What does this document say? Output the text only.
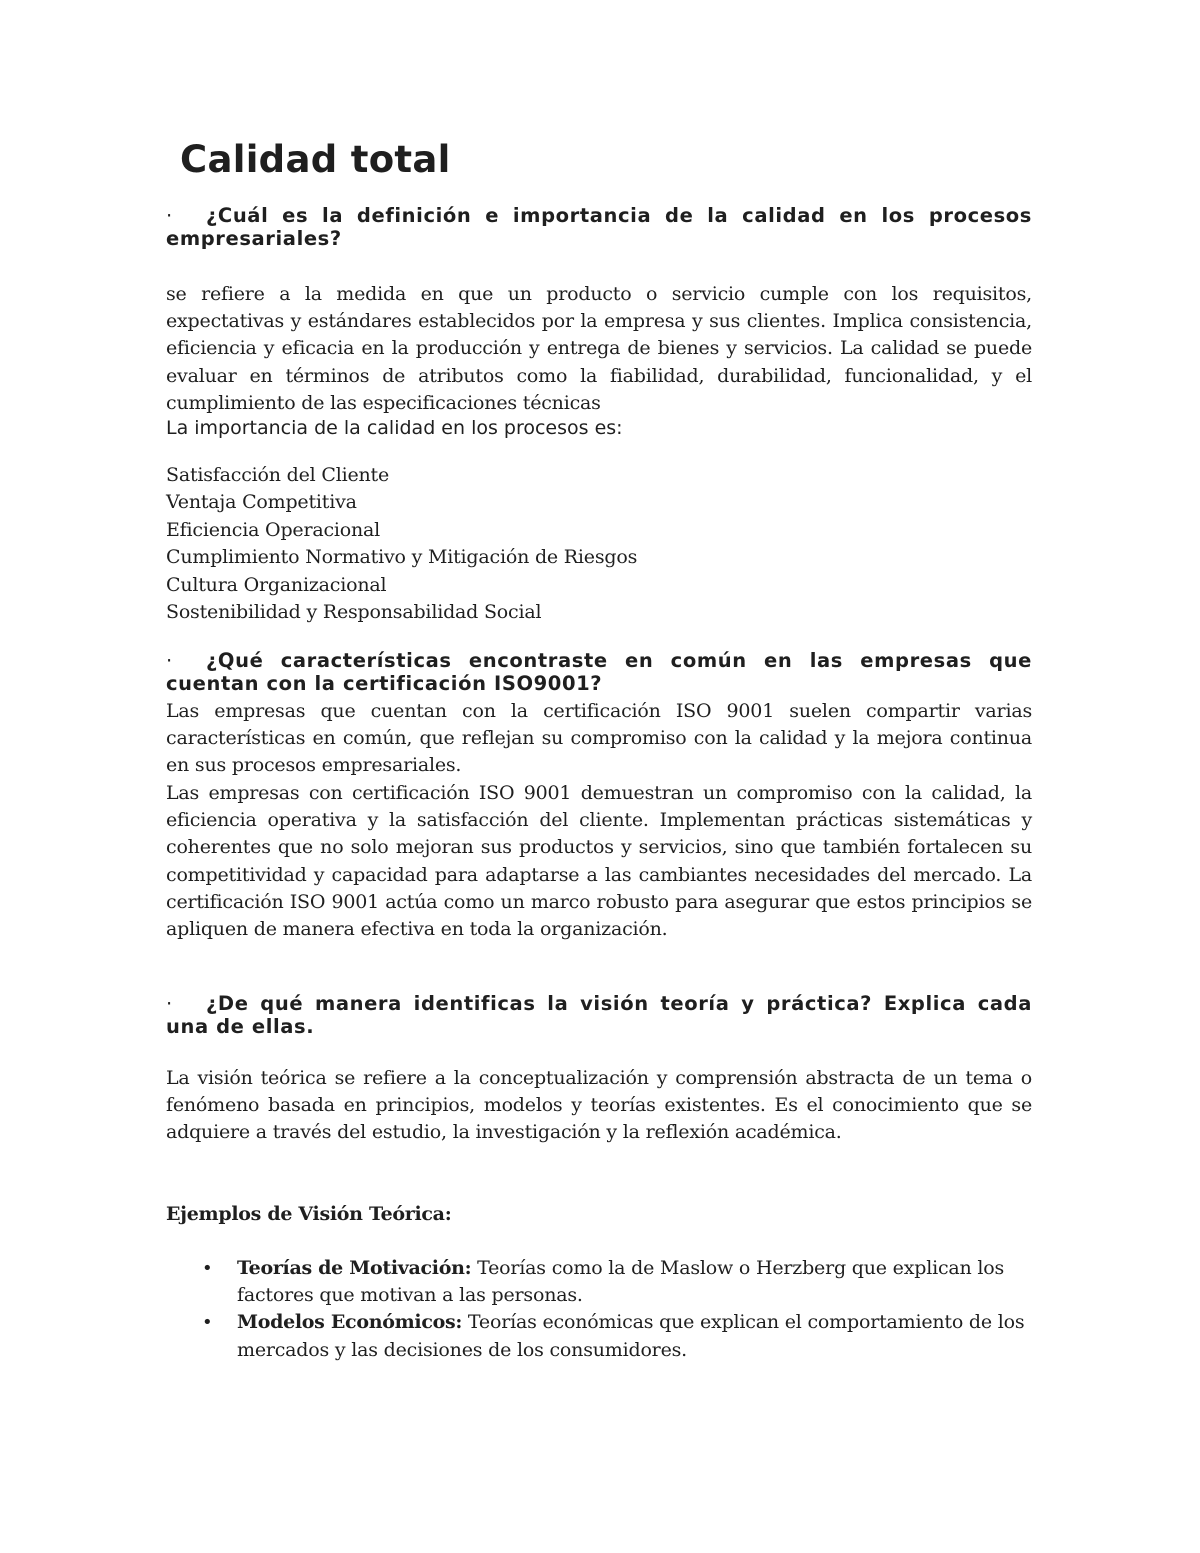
Calidad total

· ¿Cuál es la definición e importancia de la calidad en los procesos empresariales?

se refiere a la medida en que un producto o servicio cumple con los requisitos, expectativas y estándares establecidos por la empresa y sus clientes. Implica consistencia, eficiencia y eficacia en la producción y entrega de bienes y servicios. La calidad se puede evaluar en términos de atributos como la fiabilidad, durabilidad, funcionalidad, y el cumplimiento de las especificaciones técnicas

La importancia de la calidad en los procesos es:

Satisfacción del Cliente
Ventaja Competitiva
Eficiencia Operacional
Cumplimiento Normativo y Mitigación de Riesgos
Cultura Organizacional
Sostenibilidad y Responsabilidad Social

· ¿Qué características encontraste en común en las empresas que cuentan con la certificación ISO9001?

Las empresas que cuentan con la certificación ISO 9001 suelen compartir varias características en común, que reflejan su compromiso con la calidad y la mejora continua en sus procesos empresariales.

Las empresas con certificación ISO 9001 demuestran un compromiso con la calidad, la eficiencia operativa y la satisfacción del cliente. Implementan prácticas sistemáticas y coherentes que no solo mejoran sus productos y servicios, sino que también fortalecen su competitividad y capacidad para adaptarse a las cambiantes necesidades del mercado. La certificación ISO 9001 actúa como un marco robusto para asegurar que estos principios se apliquen de manera efectiva en toda la organización.

· ¿De qué manera identificas la visión teoría y práctica? Explica cada una de ellas.

La visión teórica se refiere a la conceptualización y comprensión abstracta de un tema o fenómeno basada en principios, modelos y teorías existentes. Es el conocimiento que se adquiere a través del estudio, la investigación y la reflexión académica.

Ejemplos de Visión Teórica:

• Teorías de Motivación: Teorías como la de Maslow o Herzberg que explican los factores que motivan a las personas.
• Modelos Económicos: Teorías económicas que explican el comportamiento de los mercados y las decisiones de los consumidores.
